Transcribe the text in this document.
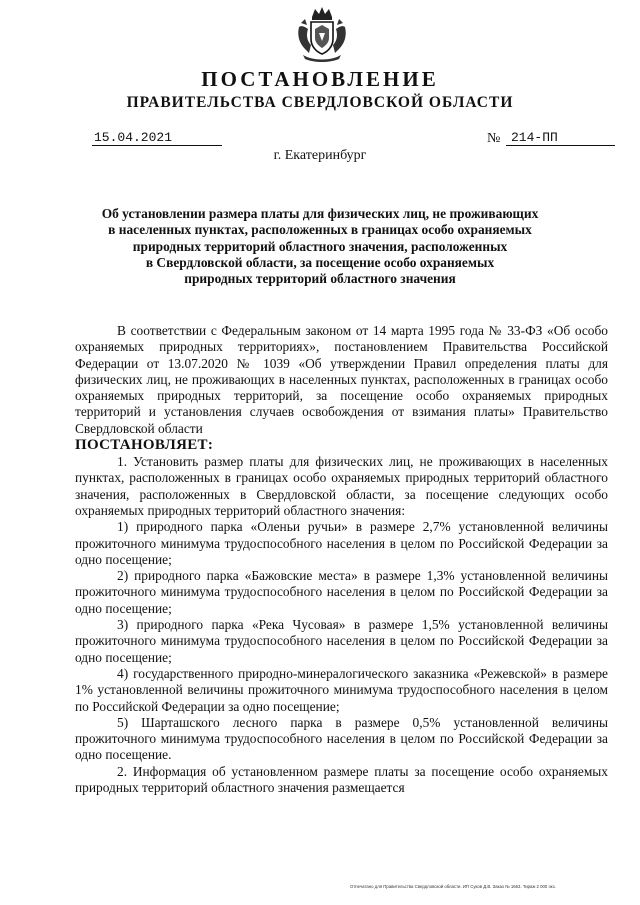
ПОСТАНОВЛЕНИЕ
ПРАВИТЕЛЬСТВА СВЕРДЛОВСКОЙ ОБЛАСТИ
15.04.2021	№ 214-ПП
г. Екатеринбург
Об установлении размера платы для физических лиц, не проживающих
в населенных пунктах, расположенных в границах особо охраняемых
природных территорий областного значения, расположенных
в Свердловской области, за посещение особо охраняемых
природных территорий областного значения

В соответствии с Федеральным законом от 14 марта 1995 года № 33-ФЗ «Об особо охраняемых природных территориях», постановлением Правительства Российской Федерации от 13.07.2020 № 1039 «Об утверждении Правил определения платы для физических лиц, не проживающих в населенных пунктах, расположенных в границах особо охраняемых природных территорий, за посещение особо охраняемых природных территорий и установления случаев освобождения от взимания платы» Правительство Свердловской области

ПОСТАНОВЛЯЕТ:

1. Установить размер платы для физических лиц, не проживающих в населенных пунктах, расположенных в границах особо охраняемых природных территорий областного значения, расположенных в Свердловской области, за посещение следующих особо охраняемых природных территорий областного значения:

1) природного парка «Оленьи ручьи» в размере 2,7% установленной величины прожиточного минимума трудоспособного населения в целом по Российской Федерации за одно посещение;

2) природного парка «Бажовские места» в размере 1,3% установленной величины прожиточного минимума трудоспособного населения в целом по Российской Федерации за одно посещение;

3) природного парка «Река Чусовая» в размере 1,5% установленной величины прожиточного минимума трудоспособного населения в целом по Российской Федерации за одно посещение;

4) государственного природно-минералогического заказника «Режевской» в размере 1% установленной величины прожиточного минимума трудоспособного населения в целом по Российской Федерации за одно посещение;

5) Шарташского лесного парка в размере 0,5% установленной величины прожиточного минимума трудоспособного населения в целом по Российской Федерации за одно посещение.

2. Информация об установленном размере платы за посещение особо охраняемых природных территорий областного значения размещается

Отпечатано для Правительства Свердловской области. ИП Суков Д.В. Заказ № 1663. Тираж 2 000 экз.
